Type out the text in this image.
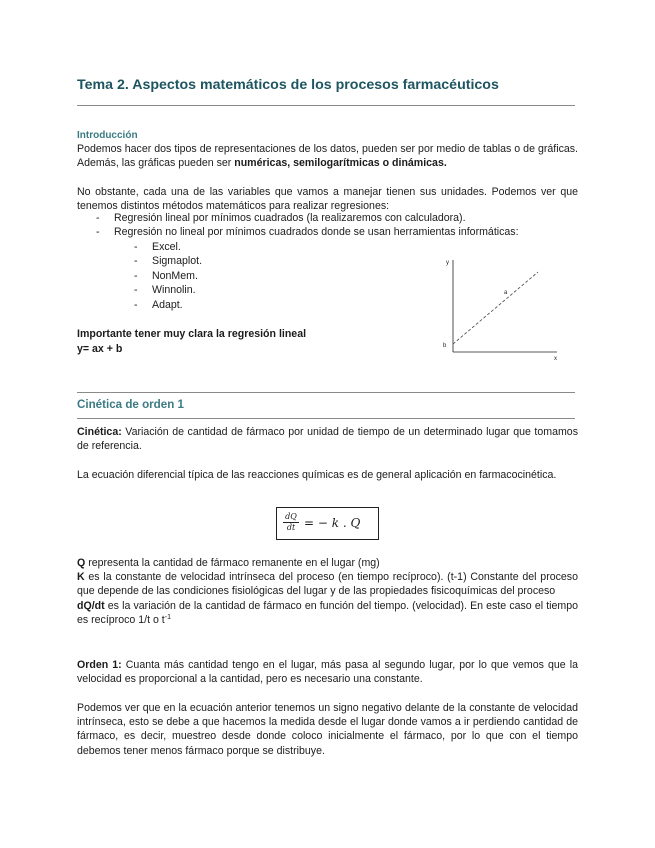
Tema 2. Aspectos matemáticos de los procesos farmacéuticos
Introducción

Podemos hacer dos tipos de representaciones de los datos, pueden ser por medio de tablas o de gráficas. Además, las gráficas pueden ser numéricas, semilogarítmicas o dinámicas.

No obstante, cada una de las variables que vamos a manejar tienen sus unidades. Podemos ver que tenemos distintos métodos matemáticos para realizar regresiones:
- Regresión lineal por mínimos cuadrados (la realizaremos con calculadora).
- Regresión no lineal por mínimos cuadrados donde se usan herramientas informáticas:
- Excel.
- Sigmaplot.
- NonMem.
- Winnolin.
- Adapt.
y
x
b
a
Importante tener muy clara la regresión lineal
y= ax + b
Cinética de orden 1

Cinética: Variación de cantidad de fármaco por unidad de tiempo de un determinado lugar que tomamos de referencia.

La ecuación diferencial típica de las reacciones químicas es de general aplicación en farmacocinética.
$\frac{dQ}{dt}$ = − k . Q

Q representa la cantidad de fármaco remanente en el lugar (mg)

K es la constante de velocidad intrínseca del proceso (en tiempo recíproco). (t-1) Constante del proceso que depende de las condiciones fisiológicas del lugar y de las propiedades fisicoquímicas del proceso

dQ/dt es la variación de la cantidad de fármaco en función del tiempo. (velocidad). En este caso el tiempo es recíproco 1/t o $t^{-1}$

Orden 1: Cuanta más cantidad tengo en el lugar, más pasa al segundo lugar, por lo que vemos que la velocidad es proporcional a la cantidad, pero es necesario una constante.

Podemos ver que en la ecuación anterior tenemos un signo negativo delante de la constante de velocidad intrínseca, esto se debe a que hacemos la medida desde el lugar donde vamos a ir perdiendo cantidad de fármaco, es decir, muestreo desde donde coloco inicialmente el fármaco, por lo que con el tiempo debemos tener menos fármaco porque se distribuye.
